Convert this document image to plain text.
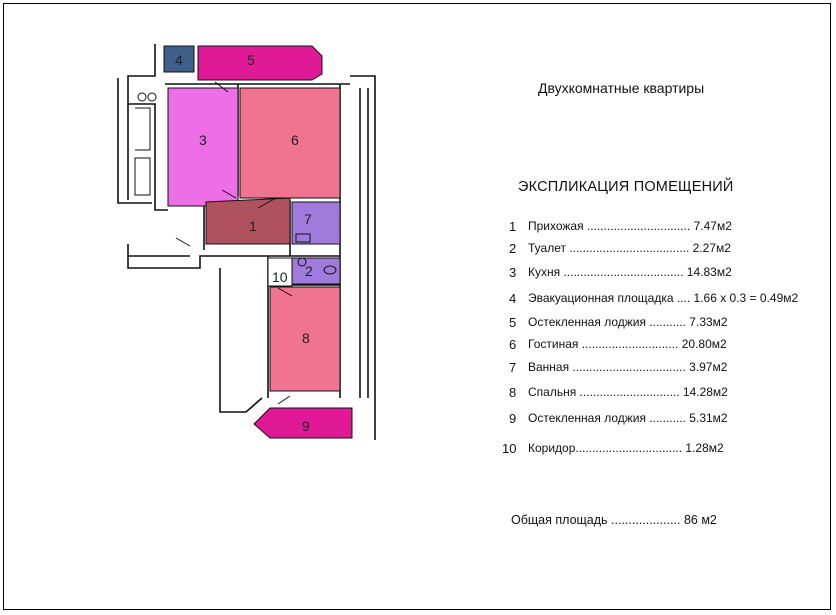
1
2
3
4	5
6
7
8
9
10
Двухкомнатные квартиры
ЭКСПЛИКАЦИЯ ПОМЕЩЕНИЙ
1 Прихожая ............................... 7.47м2
2 Туалет .................................... 2.27м2
3 Кухня .................................... 14.83м2
4 Эвакуационная площадка .... 1.66 х 0.3 = 0.49м2
5 Остекленная лоджия ........... 7.33м2
6 Гостиная ............................. 20.80м2
7 Ванная .................................. 3.97м2
8 Спальня .............................. 14.28м2
9 Остекленная лоджия ........... 5.31м2
10 Коридор................................ 1.28м2
Общая площадь .................... 86 м2
